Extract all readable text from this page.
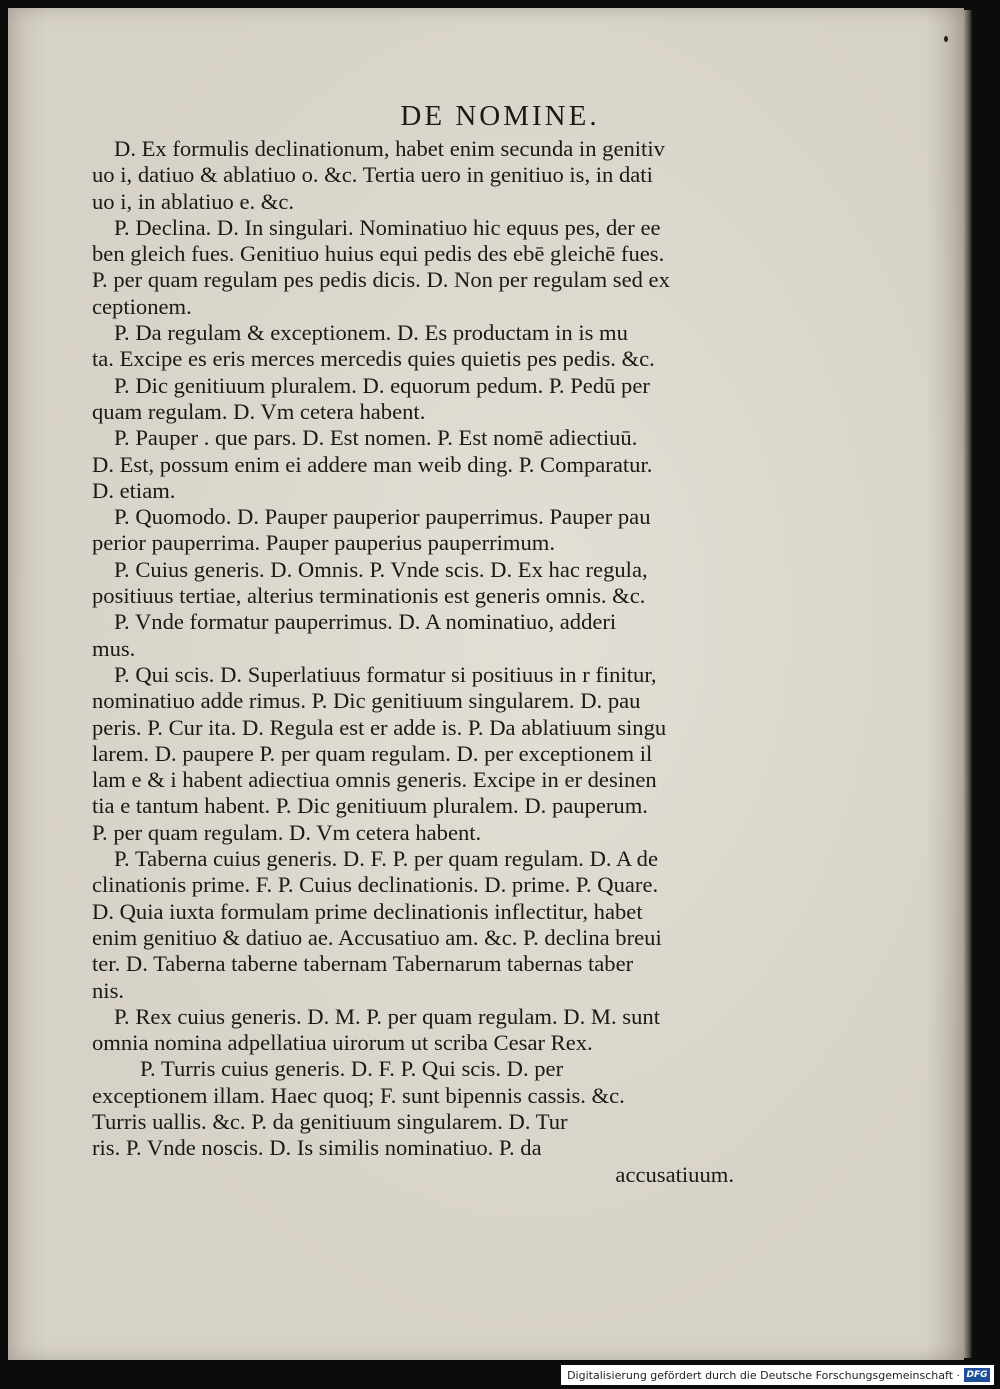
DE NOMINE.
D. Ex formulis declinationum, habet enim secunda in genitiv
uo i, datiuo & ablatiuo o. &c. Tertia uero in genitiuo is, in dati
uo i, in ablatiuo e. &c.
P. Declina. D. In singulari. Nominatiuo hic equus pes, der ee
ben gleich fues. Genitiuo huius equi pedis des ebē gleichē fues.
P. per quam regulam pes pedis dicis. D. Non per regulam sed ex
ceptionem.
P. Da regulam & exceptionem. D. Es productam in is mu
ta. Excipe es eris merces mercedis quies quietis pes pedis. &c.
P. Dic genitiuum pluralem. D. equorum pedum. P. Pedū per
quam regulam. D. Vm cetera habent.
P. Pauper . que pars. D. Est nomen. P. Est nomē adiectiuū.
D. Est, possum enim ei addere man weib ding. P. Comparatur.
D. etiam.
P. Quomodo. D. Pauper pauperior pauperrimus. Pauper pau
perior pauperrima. Pauper pauperius pauperrimum.
P. Cuius generis. D. Omnis. P. Vnde scis. D. Ex hac regula,
positiuus tertiae, alterius terminationis est generis omnis. &c.
P. Vnde formatur pauperrimus. D. A nominatiuo, adderi
mus.
P. Qui scis. D. Superlatiuus formatur si positiuus in r finitur,
nominatiuo adde rimus. P. Dic genitiuum singularem. D. pau
peris. P. Cur ita. D. Regula est er adde is. P. Da ablatiuum singu
larem. D. paupere P. per quam regulam. D. per exceptionem il
lam e & i habent adiectiua omnis generis. Excipe in er desinen
tia e tantum habent. P. Dic genitiuum pluralem. D. pauperum.
P. per quam regulam. D. Vm cetera habent.
P. Taberna cuius generis. D. F. P. per quam regulam. D. A de
clinationis prime. F. P. Cuius declinationis. D. prime. P. Quare.
D. Quia iuxta formulam prime declinationis inflectitur, habet
enim genitiuo & datiuo ae. Accusatiuo am. &c. P. declina breui
ter. D. Taberna taberne tabernam Tabernarum tabernas taber
nis.
P. Rex cuius generis. D. M. P. per quam regulam. D. M. sunt
omnia nomina adpellatiua uirorum ut scriba Cesar Rex.
P. Turris cuius generis. D. F. P. Qui scis. D. per
exceptionem illam. Haec quoq; F. sunt bipennis cassis. &c.
Turris uallis. &c. P. da genitiuum singularem. D. Tur
ris. P. Vnde noscis. D. Is similis nominatiuo. P. da
accusatiuum.
Digitalisierung gefördert durch die Deutsche Forschungsgemeinschaft · DFG
